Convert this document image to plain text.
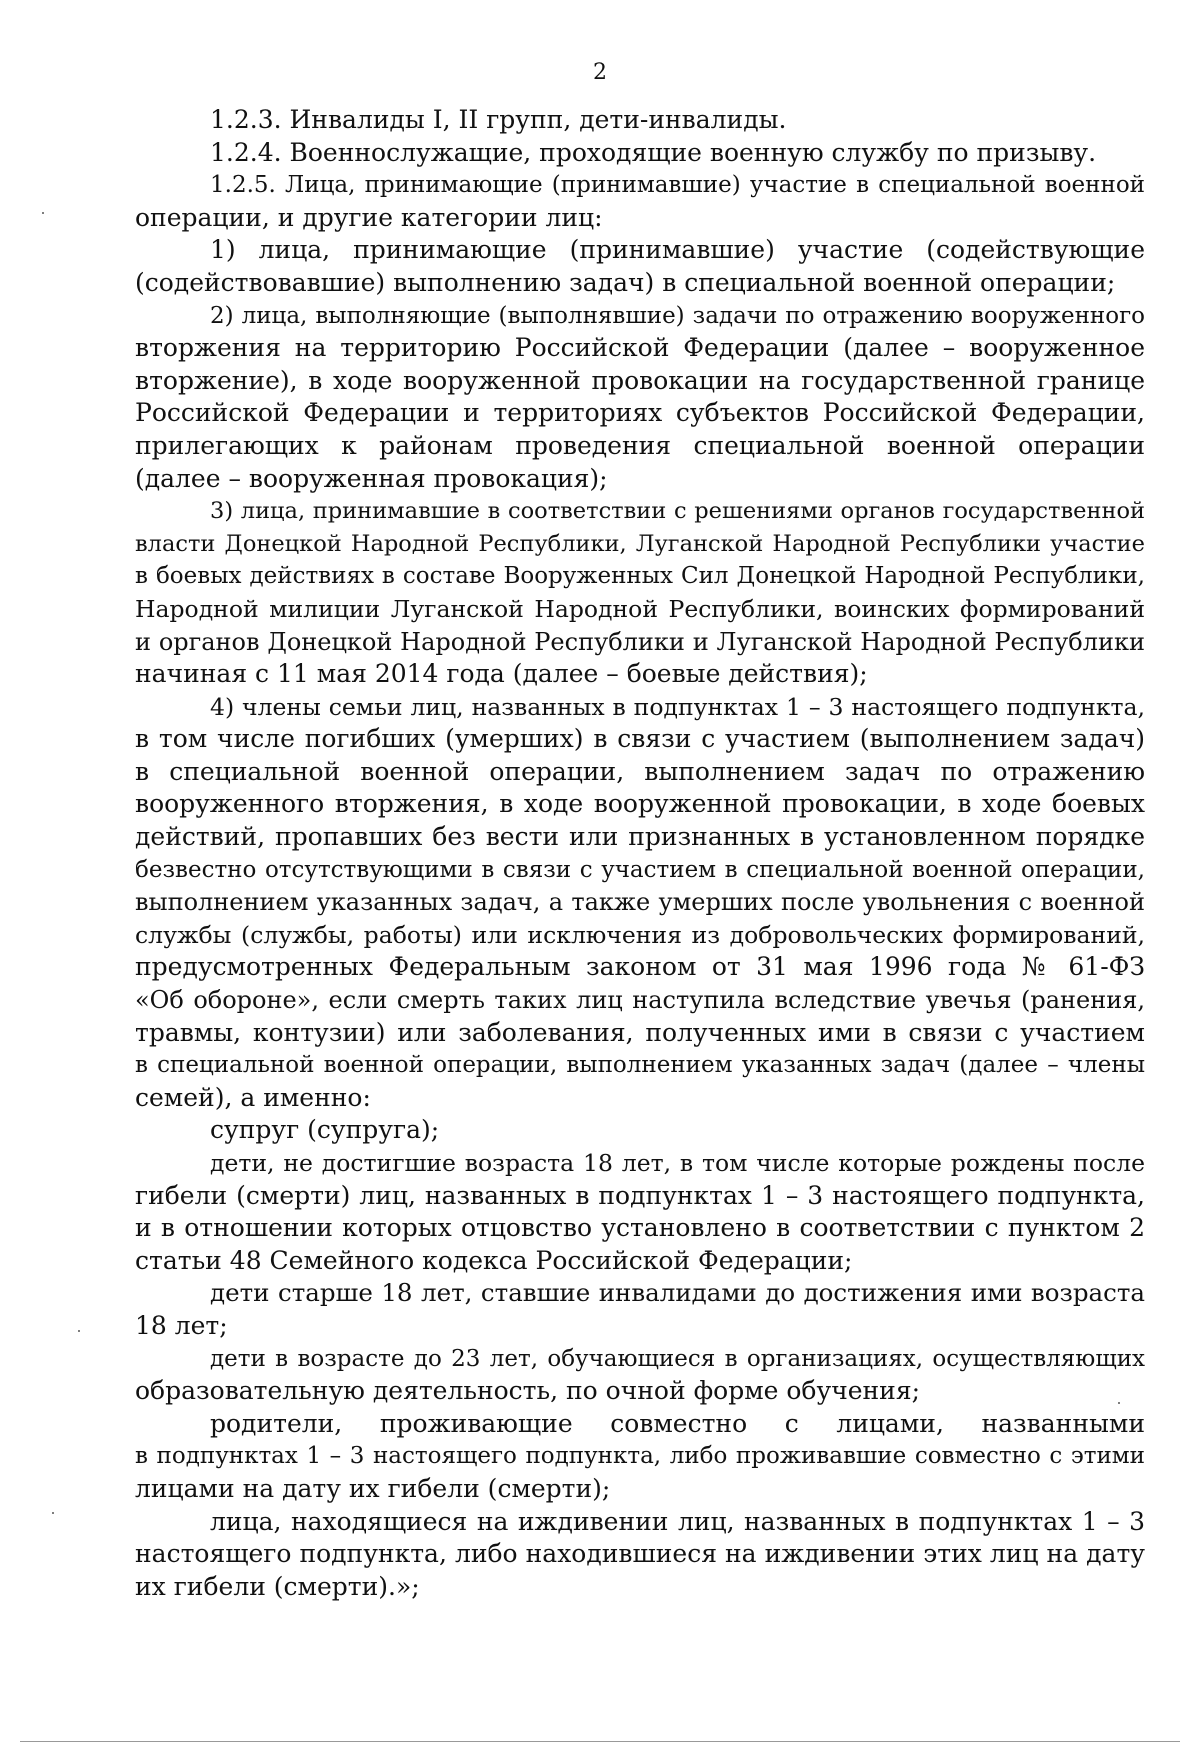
2
1.2.3. Инвалиды I, II групп, дети-инвалиды.
1.2.4. Военнослужащие, проходящие военную службу по призыву.
1.2.5. Лица, принимающие (принимавшие) участие в специальной военной
операции, и другие категории лиц:
1) лица, принимающие (принимавшие) участие (содействующие
(содействовавшие) выполнению задач) в специальной военной операции;
2) лица, выполняющие (выполнявшие) задачи по отражению вооруженного
вторжения на территорию Российской Федерации (далее – вооруженное
вторжение), в ходе вооруженной провокации на государственной границе
Российской Федерации и территориях субъектов Российской Федерации,
прилегающих к районам проведения специальной военной операции
(далее – вооруженная провокация);
3) лица, принимавшие в соответствии с решениями органов государственной
власти Донецкой Народной Республики, Луганской Народной Республики участие
в боевых действиях в составе Вооруженных Сил Донецкой Народной Республики,
Народной милиции Луганской Народной Республики, воинских формирований
и органов Донецкой Народной Республики и Луганской Народной Республики
начиная с 11 мая 2014 года (далее – боевые действия);
4) члены семьи лиц, названных в подпунктах 1 – 3 настоящего подпункта,
в том числе погибших (умерших) в связи с участием (выполнением задач)
в специальной военной операции, выполнением задач по отражению
вооруженного вторжения, в ходе вооруженной провокации, в ходе боевых
действий, пропавших без вести или признанных в установленном порядке
безвестно отсутствующими в связи с участием в специальной военной операции,
выполнением указанных задач, а также умерших после увольнения с военной
службы (службы, работы) или исключения из добровольческих формирований,
предусмотренных Федеральным законом от 31 мая 1996 года № 61-ФЗ
«Об обороне», если смерть таких лиц наступила вследствие увечья (ранения,
травмы, контузии) или заболевания, полученных ими в связи с участием
в специальной военной операции, выполнением указанных задач (далее – члены
семей), а именно:
супруг (супруга);
дети, не достигшие возраста 18 лет, в том числе которые рождены после
гибели (смерти) лиц, названных в подпунктах 1 – 3 настоящего подпункта,
и в отношении которых отцовство установлено в соответствии с пунктом 2
статьи 48 Семейного кодекса Российской Федерации;
дети старше 18 лет, ставшие инвалидами до достижения ими возраста
18 лет;
дети в возрасте до 23 лет, обучающиеся в организациях, осуществляющих
образовательную деятельность, по очной форме обучения;
родители, проживающие совместно с лицами, названными
в подпунктах 1 – 3 настоящего подпункта, либо проживавшие совместно с этими
лицами на дату их гибели (смерти);
лица, находящиеся на иждивении лиц, названных в подпунктах 1 – 3
настоящего подпункта, либо находившиеся на иждивении этих лиц на дату
их гибели (смерти).»;
